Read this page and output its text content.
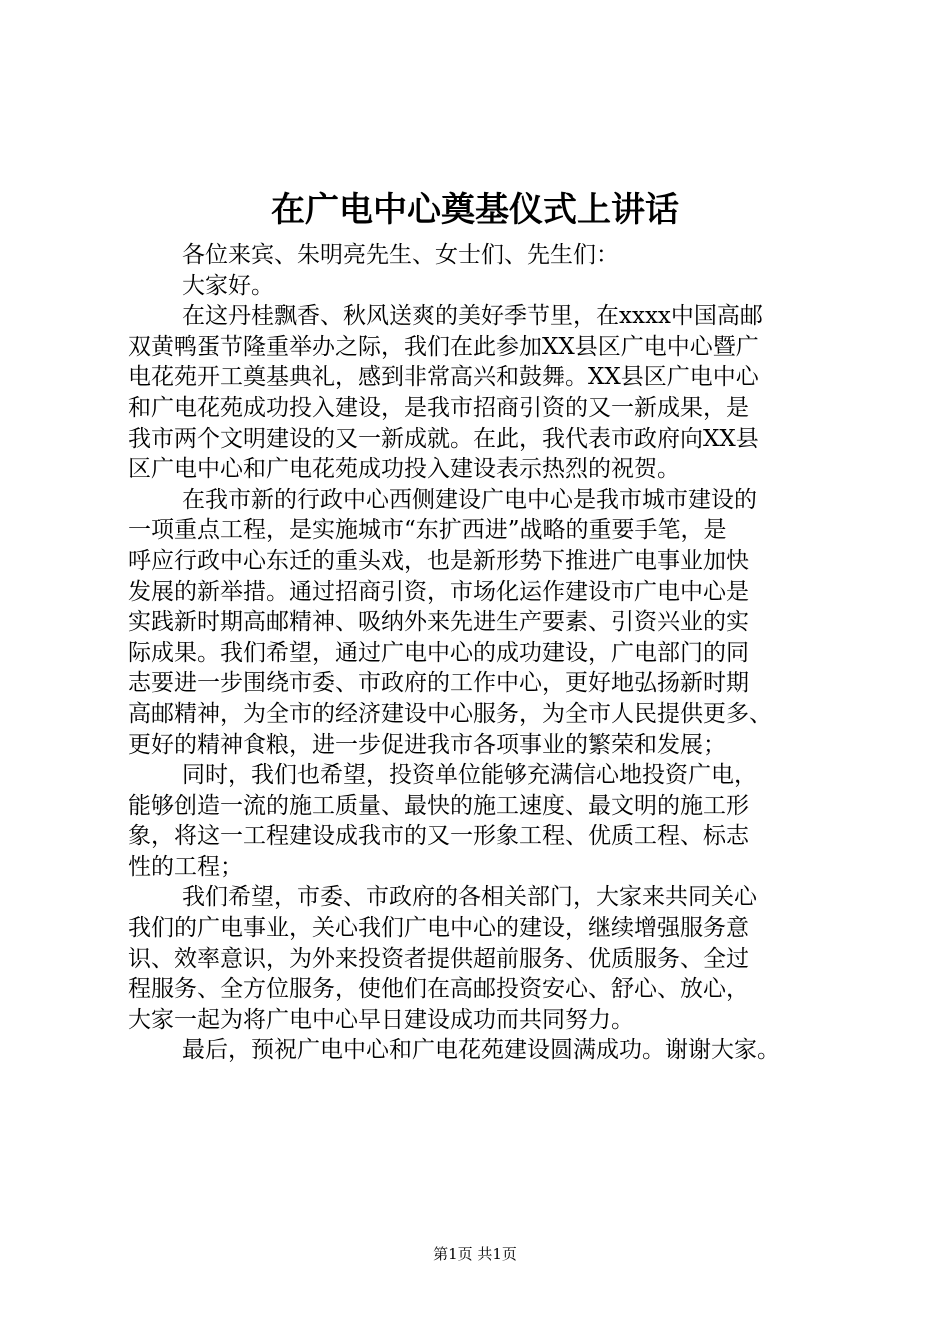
在广电中心奠基仪式上讲话
各位来宾、朱明亮先生、女士们、先生们：
大家好。
在这丹桂飘香、秋风送爽的美好季节里，在xxxx中国高邮
双黄鸭蛋节隆重举办之际，我们在此参加XX县区广电中心暨广
电花苑开工奠基典礼，感到非常高兴和鼓舞。XX县区广电中心
和广电花苑成功投入建设，是我市招商引资的又一新成果，是
我市两个文明建设的又一新成就。在此，我代表市政府向XX县
区广电中心和广电花苑成功投入建设表示热烈的祝贺。
在我市新的行政中心西侧建设广电中心是我市城市建设的
一项重点工程，是实施城市“东扩西进”战略的重要手笔，是
呼应行政中心东迁的重头戏，也是新形势下推进广电事业加快
发展的新举措。通过招商引资，市场化运作建设市广电中心是
实践新时期高邮精神、吸纳外来先进生产要素、引资兴业的实
际成果。我们希望，通过广电中心的成功建设，广电部门的同
志要进一步围绕市委、市政府的工作中心，更好地弘扬新时期
高邮精神，为全市的经济建设中心服务，为全市人民提供更多、
更好的精神食粮，进一步促进我市各项事业的繁荣和发展；
同时，我们也希望，投资单位能够充满信心地投资广电，
能够创造一流的施工质量、最快的施工速度、最文明的施工形
象，将这一工程建设成我市的又一形象工程、优质工程、标志
性的工程；
我们希望，市委、市政府的各相关部门，大家来共同关心
我们的广电事业，关心我们广电中心的建设，继续增强服务意
识、效率意识，为外来投资者提供超前服务、优质服务、全过
程服务、全方位服务，使他们在高邮投资安心、舒心、放心，
大家一起为将广电中心早日建设成功而共同努力。
最后，预祝广电中心和广电花苑建设圆满成功。谢谢大家。
第1页 共1页
